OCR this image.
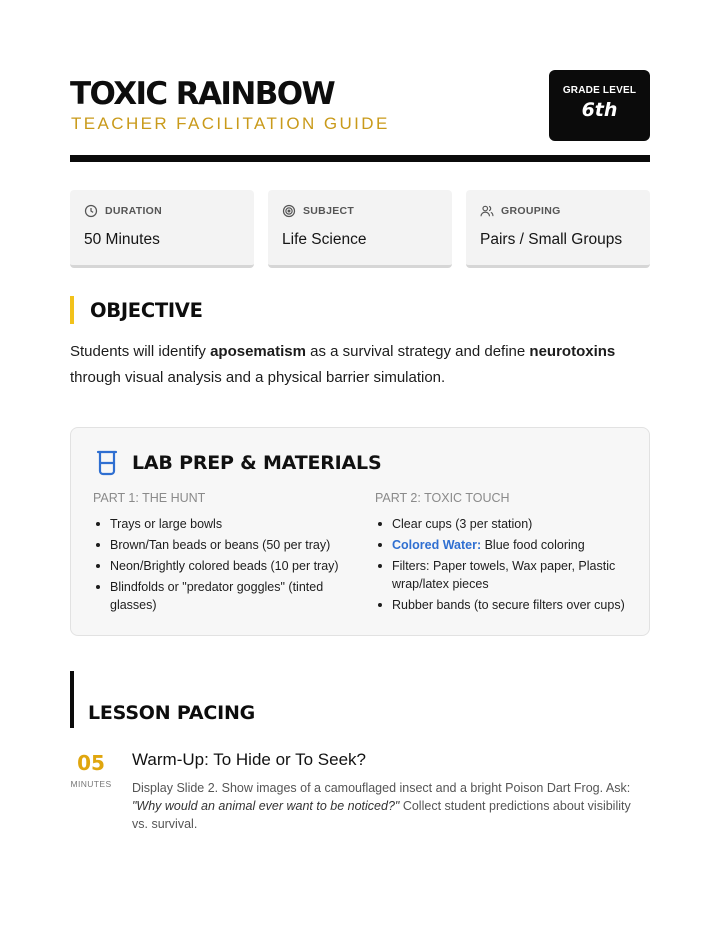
TOXIC RAINBOW
TEACHER FACILITATION GUIDE
GRADE LEVEL
6th
DURATION
50 Minutes
SUBJECT
Life Science
GROUPING
Pairs / Small Groups
OBJECTIVE

Students will identify aposematism as a survival strategy and define neurotoxins through visual analysis and a physical barrier simulation.

LAB PREP & MATERIALS
PART 1: THE HUNT
Trays or large bowls
Brown/Tan beads or beans (50 per tray)
Neon/Brightly colored beads (10 per tray)
Blindfolds or "predator goggles" (tinted glasses)
PART 2: TOXIC TOUCH
Clear cups (3 per station)
Colored Water: Blue food coloring
Filters: Paper towels, Wax paper, Plastic wrap/latex pieces
Rubber bands (to secure filters over cups)
LESSON PACING
05
MINUTES
Warm-Up: To Hide or To Seek?

Display Slide 2. Show images of a camouflaged insect and a bright Poison Dart Frog. Ask: "Why would an animal ever want to be noticed?" Collect student predictions about visibility vs. survival.
